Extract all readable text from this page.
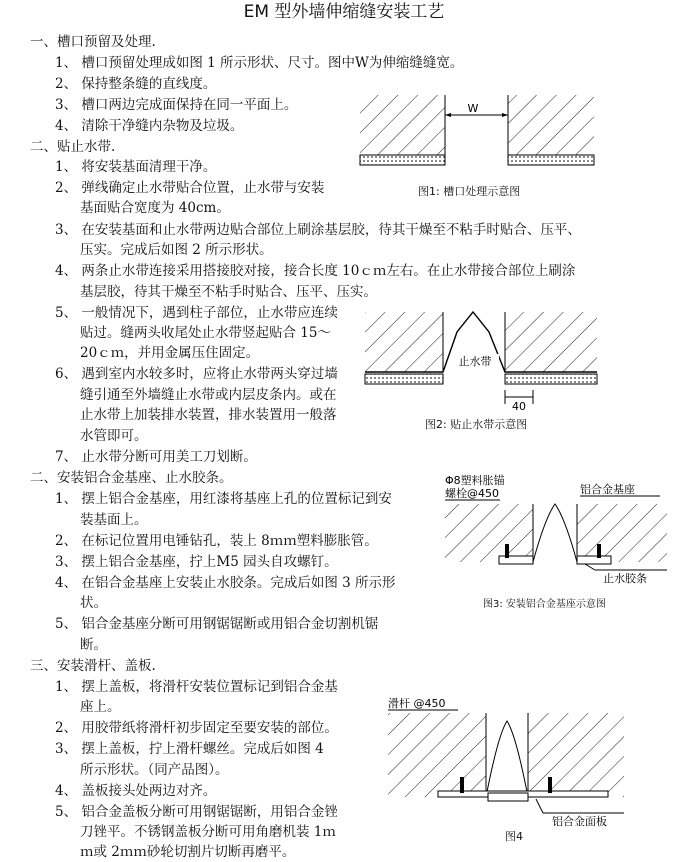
EM 型外墙伸缩缝安装工艺
一、槽口预留及处理.
1、 槽口预留处理成如图 1 所示形状、尺寸。图中W为伸缩缝缝宽。
2、 保持整条缝的直线度。
3、 槽口两边完成面保持在同一平面上。
4、 清除干净缝内杂物及垃圾。
二、贴止水带.
1、 将安装基面清理干净。
2、 弹线确定止水带贴合位置，止水带与安装
基面贴合宽度为 40cm。
3、 在安装基面和止水带两边贴合部位上刷涂基层胶，待其干燥至不粘手时贴合、压平、
压实。完成后如图 2 所示形状。
4、 两条止水带连接采用搭接胶对接，接合长度 10ｃｍ左右。在止水带接合部位上刷涂
基层胶，待其干燥至不粘手时贴合、压平、压实。
5、 一般情况下，遇到柱子部位，止水带应连续
贴过。缝两头收尾处止水带竖起贴合 15～
20ｃｍ，并用金属压住固定。
6、 遇到室内水较多时，应将止水带两头穿过墙
缝引通至外墙缝止水带或内层皮条内。或在
止水带上加装排水装置，排水装置用一般落
水管即可。
7、 止水带分断可用美工刀划断。
二、安装铝合金基座、止水胶条。
1、 摆上铝合金基座，用红漆将基座上孔的位置标记到安
装基面上。
2、 在标记位置用电锤钻孔，装上 8ｍｍ塑料膨胀管。
3、 摆上铝合金基座，拧上M5 园头自攻螺钉。
4、 在铝合金基座上安装止水胶条。完成后如图 3 所示形
状。
5、 铝合金基座分断可用钢锯锯断或用铝合金切割机锯
断。
三、安装滑杆、盖板.
1、 摆上盖板，将滑杆安装位置标记到铝合金基
座上。
2、 用胶带纸将滑杆初步固定至要安装的部位。
3、 摆上盖板，拧上滑杆螺丝。完成后如图 4
所示形状。（同产品图）。
4、 盖板接头处两边对齐。
5、 铝合金盖板分断可用钢锯锯断，用铝合金锉
刀锉平。不锈钢盖板分断可用角磨机装 1ｍ
ｍ或 2ｍｍ砂轮切割片切断再磨平。
W
图1: 槽口处理示意图
止水带
40
图2: 贴止水带示意图
Φ8塑料胀锚
螺栓@450	铝合金基座
止水胶条
图3: 安装铝合金基座示意图
滑杆 @450
铝合金面板
图4
